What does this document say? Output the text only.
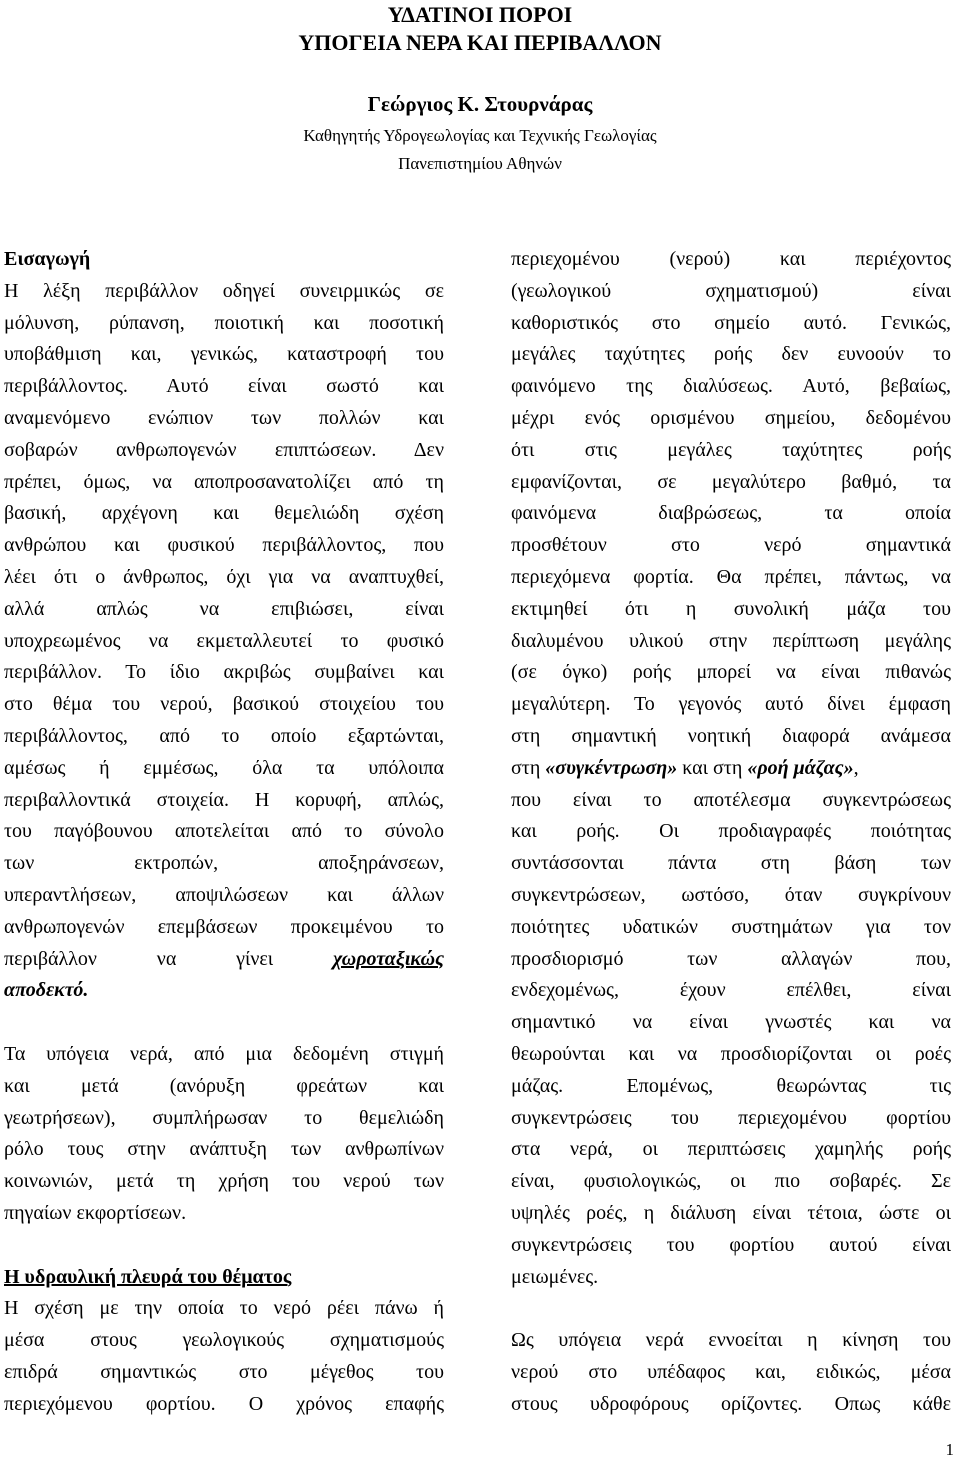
ΥΔΑΤΙΝΟΙ ΠΟΡΟΙ
ΥΠΟΓΕΙΑ ΝΕΡΑ ΚΑΙ ΠΕΡΙΒΑΛΛΟΝ
Γεώργιος Κ. Στουρνάρας
Καθηγητής Υδρογεωλογίας και Τεχνικής Γεωλογίας
Πανεπιστημίου Αθηνών
Εισαγωγή
Η λέξη περιβάλλον οδηγεί συνειρμικώς σε
μόλυνση, ρύπανση, ποιοτική και ποσοτική
υποβάθμιση και, γενικώς, καταστροφή του
περιβάλλοντος. Αυτό είναι σωστό και
αναμενόμενο ενώπιον των πολλών και
σοβαρών ανθρωπογενών επιπτώσεων. Δεν
πρέπει, όμως, να αποπροσανατολίζει από τη
βασική, αρχέγονη και θεμελιώδη σχέση
ανθρώπου και φυσικού περιβάλλοντος, που
λέει ότι ο άνθρωπος, όχι για να αναπτυχθεί,
αλλά απλώς να επιβιώσει, είναι
υποχρεωμένος να εκμεταλλευτεί το φυσικό
περιβάλλον. Το ίδιο ακριβώς συμβαίνει και
στο θέμα του νερού, βασικού στοιχείου του
περιβάλλοντος, από το οποίο εξαρτώνται,
αμέσως ή εμμέσως, όλα τα υπόλοιπα
περιβαλλοντικά στοιχεία. Η κορυφή, απλώς,
του παγόβουνου αποτελείται από το σύνολο
των εκτροπών, αποξηράνσεων,
υπεραντλήσεων, αποψιλώσεων και άλλων
ανθρωπογενών επεμβάσεων προκειμένου το
περιβάλλον να γίνει	χωροταξικώς
αποδεκτό.
Τα υπόγεια νερά, από μια δεδομένη στιγμή
και μετά (ανόρυξη φρεάτων και
γεωτρήσεων), συμπλήρωσαν το θεμελιώδη
ρόλο τους στην ανάπτυξη των ανθρωπίνων
κοινωνιών, μετά τη χρήση του νερού των
πηγαίων εκφορτίσεων.
Η υδραυλική πλευρά του θέματος
Η σχέση με την οποία το νερό ρέει πάνω ή
μέσα στους γεωλογικούς σχηματισμούς
επιδρά σημαντικώς στο μέγεθος του
περιεχόμενου φορτίου. Ο χρόνος επαφής
περιεχομένου (νερού) και περιέχοντος
(γεωλογικού σχηματισμού) είναι
καθοριστικός στο σημείο αυτό. Γενικώς,
μεγάλες ταχύτητες ροής δεν ευνοούν το
φαινόμενο της διαλύσεως. Αυτό, βεβαίως,
μέχρι ενός ορισμένου σημείου, δεδομένου
ότι στις μεγάλες ταχύτητες ροής
εμφανίζονται, σε μεγαλύτερο βαθμό, τα
φαινόμενα διαβρώσεως, τα οποία
προσθέτουν στο νερό σημαντικά
περιεχόμενα φορτία. Θα πρέπει, πάντως, να
εκτιμηθεί ότι η συνολική μάζα του
διαλυμένου υλικού στην περίπτωση μεγάλης
(σε όγκο) ροής μπορεί να είναι πιθανώς
μεγαλύτερη. Το γεγονός αυτό δίνει έμφαση
στη σημαντική νοητική διαφορά ανάμεσα
στη «συγκέντρωση» και στη «ροή μάζας»,
που είναι το αποτέλεσμα συγκεντρώσεως
και ροής. Οι προδιαγραφές ποιότητας
συντάσσονται πάντα στη βάση των
συγκεντρώσεων, ωστόσο, όταν συγκρίνουν
ποιότητες υδατικών συστημάτων για τον
προσδιορισμό των αλλαγών που,
ενδεχομένως, έχουν επέλθει, είναι
σημαντικό να είναι γνωστές και να
θεωρούνται και να προσδιορίζονται οι ροές
μάζας. Επομένως, θεωρώντας τις
συγκεντρώσεις του περιεχομένου φορτίου
στα νερά, οι περιπτώσεις χαμηλής ροής
είναι, φυσιολογικώς, οι πιο σοβαρές. Σε
υψηλές ροές, η διάλυση είναι τέτοια, ώστε οι
συγκεντρώσεις του φορτίου αυτού είναι
μειωμένες.
Ως υπόγεια νερά εννοείται η κίνηση του
νερού στο υπέδαφος και, ειδικώς, μέσα
στους υδροφόρους ορίζοντες. Οπως κάθε
1
